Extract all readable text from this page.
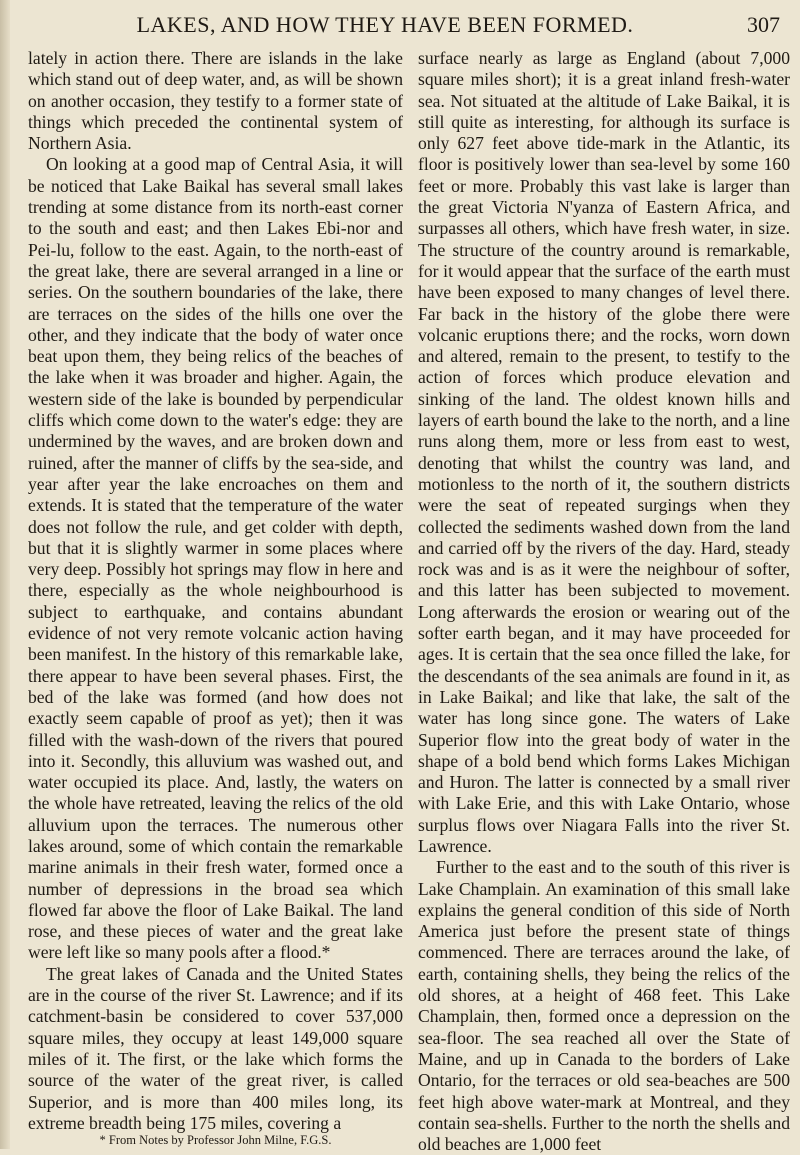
LAKES, AND HOW THEY HAVE BEEN FORMED.	307

lately in action there. There are islands in the lake which stand out of deep water, and, as will be shown on another occasion, they testify to a former state of things which preceded the continental system of Northern Asia.

On looking at a good map of Central Asia, it will be noticed that Lake Baikal has several small lakes trending at some distance from its north-east corner to the south and east; and then Lakes Ebi-nor and Pei-lu, follow to the east. Again, to the north-east of the great lake, there are several arranged in a line or series. On the southern boundaries of the lake, there are terraces on the sides of the hills one over the other, and they indicate that the body of water once beat upon them, they being relics of the beaches of the lake when it was broader and higher. Again, the western side of the lake is bounded by perpendicular cliffs which come down to the water's edge: they are undermined by the waves, and are broken down and ruined, after the manner of cliffs by the sea-side, and year after year the lake encroaches on them and extends. It is stated that the temperature of the water does not follow the rule, and get colder with depth, but that it is slightly warmer in some places where very deep. Possibly hot springs may flow in here and there, especially as the whole neighbourhood is subject to earthquake, and contains abundant evidence of not very remote volcanic action having been manifest. In the history of this remarkable lake, there appear to have been several phases. First, the bed of the lake was formed (and how does not exactly seem capable of proof as yet); then it was filled with the wash-down of the rivers that poured into it. Secondly, this alluvium was washed out, and water occupied its place. And, lastly, the waters on the whole have retreated, leaving the relics of the old alluvium upon the terraces. The numerous other lakes around, some of which contain the remarkable marine animals in their fresh water, formed once a number of depressions in the broad sea which flowed far above the floor of Lake Baikal. The land rose, and these pieces of water and the great lake were left like so many pools after a flood.*

The great lakes of Canada and the United States are in the course of the river St. Lawrence; and if its catchment-basin be considered to cover 537,000 square miles, they occupy at least 149,000 square miles of it. The first, or the lake which forms the source of the water of the great river, is called Superior, and is more than 400 miles long, its extreme breadth being 175 miles, covering a

* From Notes by Professor John Milne, F.G.S.

surface nearly as large as England (about 7,000 square miles short); it is a great inland fresh-water sea. Not situated at the altitude of Lake Baikal, it is still quite as interesting, for although its surface is only 627 feet above tide-mark in the Atlantic, its floor is positively lower than sea-level by some 160 feet or more. Probably this vast lake is larger than the great Victoria N'yanza of Eastern Africa, and surpasses all others, which have fresh water, in size. The structure of the country around is remarkable, for it would appear that the surface of the earth must have been exposed to many changes of level there. Far back in the history of the globe there were volcanic eruptions there; and the rocks, worn down and altered, remain to the present, to testify to the action of forces which produce elevation and sinking of the land. The oldest known hills and layers of earth bound the lake to the north, and a line runs along them, more or less from east to west, denoting that whilst the country was land, and motionless to the north of it, the southern districts were the seat of repeated surgings when they collected the sediments washed down from the land and carried off by the rivers of the day. Hard, steady rock was and is as it were the neighbour of softer, and this latter has been subjected to movement. Long afterwards the erosion or wearing out of the softer earth began, and it may have proceeded for ages. It is certain that the sea once filled the lake, for the descendants of the sea animals are found in it, as in Lake Baikal; and like that lake, the salt of the water has long since gone. The waters of Lake Superior flow into the great body of water in the shape of a bold bend which forms Lakes Michigan and Huron. The latter is connected by a small river with Lake Erie, and this with Lake Ontario, whose surplus flows over Niagara Falls into the river St. Lawrence.

Further to the east and to the south of this river is Lake Champlain. An examination of this small lake explains the general condition of this side of North America just before the present state of things commenced. There are terraces around the lake, of earth, containing shells, they being the relics of the old shores, at a height of 468 feet. This Lake Champlain, then, formed once a depression on the sea-floor. The sea reached all over the State of Maine, and up in Canada to the borders of Lake Ontario, for the terraces or old sea-beaches are 500 feet high above water-mark at Montreal, and they contain sea-shells. Further to the north the shells and old beaches are 1,000 feet
